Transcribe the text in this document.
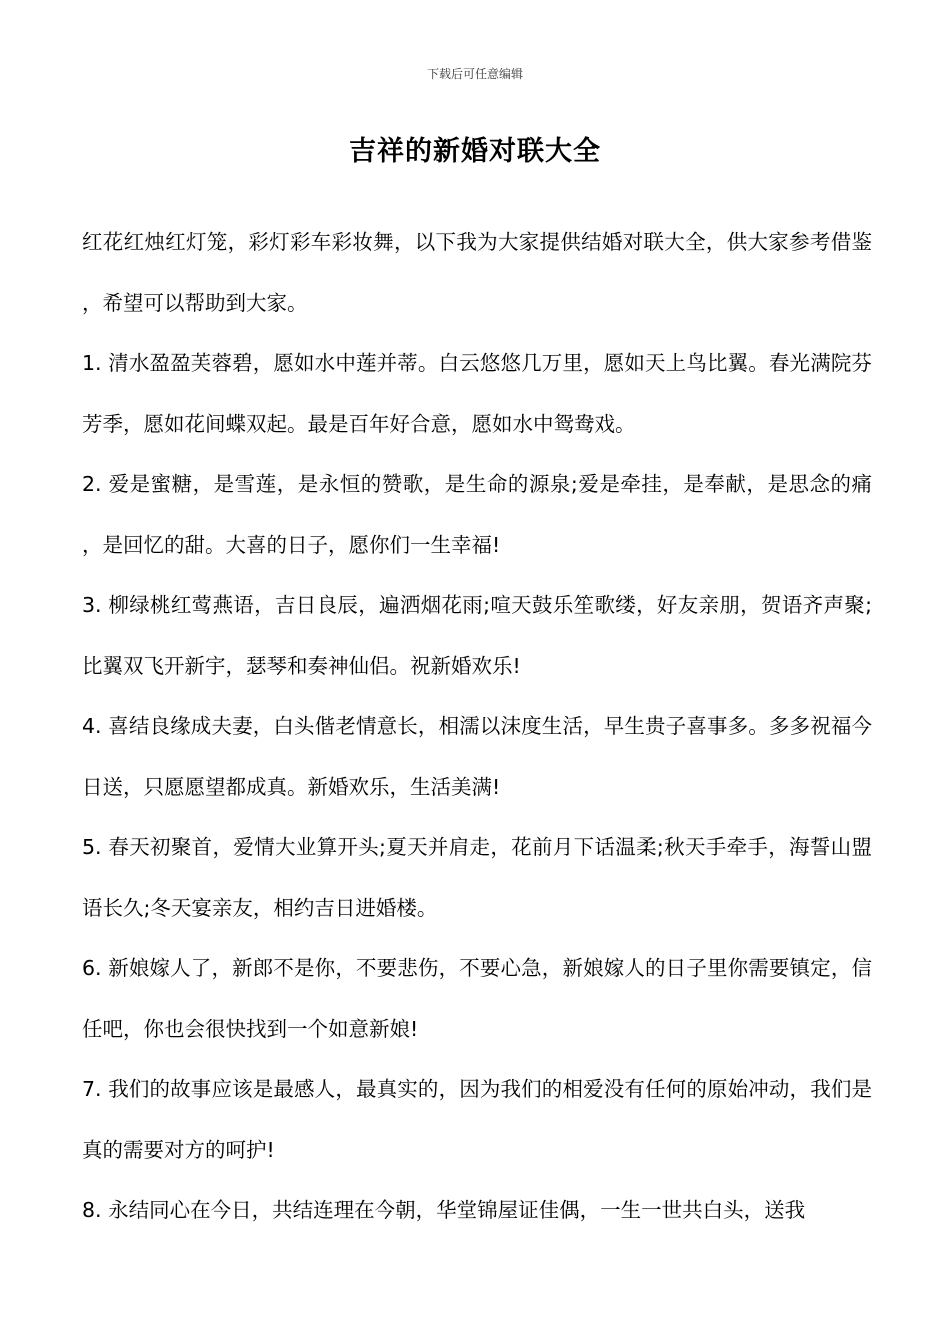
下载后可任意编辑
吉祥的新婚对联大全

红花红烛红灯笼，彩灯彩车彩妆舞，以下我为大家提供结婚对联大全，供大家参考借鉴，希望可以帮助到大家。

1. 清水盈盈芙蓉碧，愿如水中莲并蒂。白云悠悠几万里，愿如天上鸟比翼。春光满院芬芳季，愿如花间蝶双起。最是百年好合意，愿如水中鸳鸯戏。

2. 爱是蜜糖，是雪莲，是永恒的赞歌，是生命的源泉;爱是牵挂，是奉献，是思念的痛，是回忆的甜。大喜的日子，愿你们一生幸福!

3. 柳绿桃红莺燕语，吉日良辰，遍洒烟花雨;喧天鼓乐笙歌缕，好友亲朋，贺语齐声聚;比翼双飞开新宇，瑟琴和奏神仙侣。祝新婚欢乐!

4. 喜结良缘成夫妻，白头偕老情意长，相濡以沫度生活，早生贵子喜事多。多多祝福今日送，只愿愿望都成真。新婚欢乐，生活美满!

5. 春天初聚首，爱情大业算开头;夏天并肩走，花前月下话温柔;秋天手牵手，海誓山盟语长久;冬天宴亲友，相约吉日进婚楼。

6. 新娘嫁人了，新郎不是你，不要悲伤，不要心急，新娘嫁人的日子里你需要镇定，信任吧，你也会很快找到一个如意新娘!

7. 我们的故事应该是最感人，最真实的，因为我们的相爱没有任何的原始冲动，我们是真的需要对方的呵护!

8. 永结同心在今日，共结连理在今朝，华堂锦屋证佳偶，一生一世共白头，送我
